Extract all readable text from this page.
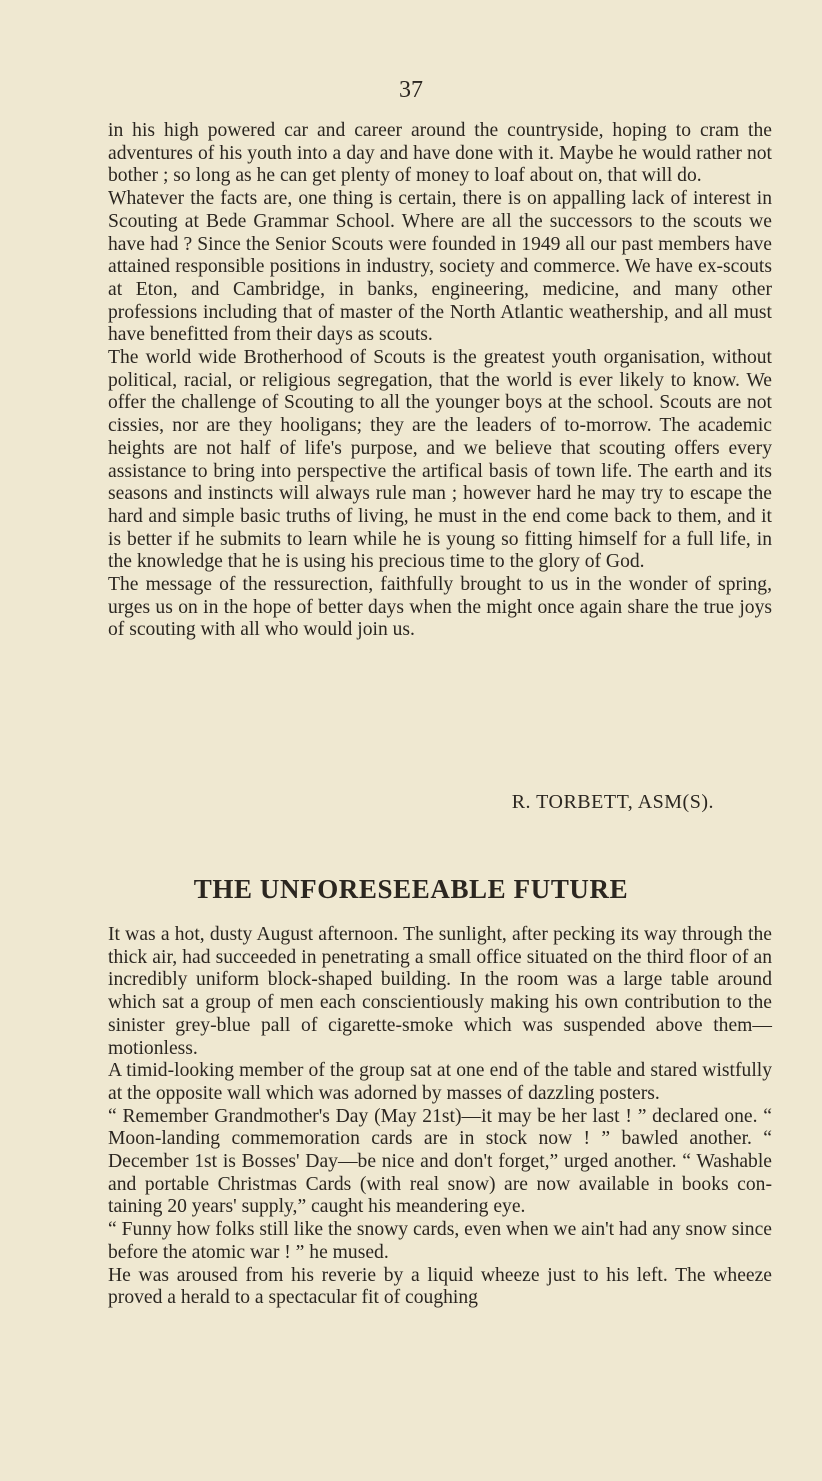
37

in his high powered car and career around the countryside, hoping to cram the adventures of his youth into a day and have done with it. Maybe he would rather not bother ; so long as he can get plenty of money to loaf about on, that will do.

Whatever the facts are, one thing is certain, there is on appalling lack of interest in Scouting at Bede Grammar School. Where are all the successors to the scouts we have had ? Since the Senior Scouts were founded in 1949 all our past members have attained responsible positions in industry, society and commerce. We have ex-scouts at Eton, and Cambridge, in banks, engineering, medicine, and many other professions including that of master of the North Atlantic weathership, and all must have benefitted from their days as scouts.

The world wide Brotherhood of Scouts is the greatest youth organisation, without political, racial, or religious segregation, that the world is ever likely to know. We offer the challenge of Scouting to all the younger boys at the school. Scouts are not cissies, nor are they hooligans; they are the leaders of to-morrow. The academic heights are not half of life's purpose, and we believe that scouting offers every assistance to bring into perspective the artifical basis of town life. The earth and its seasons and instincts will always rule man ; however hard he may try to escape the hard and simple basic truths of living, he must in the end come back to them, and it is better if he submits to learn while he is young so fitting himself for a full life, in the knowledge that he is using his precious time to the glory of God.

The message of the ressurection, faithfully brought to us in the wonder of spring, urges us on in the hope of better days when the might once again share the true joys of scouting with all who would join us.

R. TORBETT, ASM(S).
THE UNFORESEEABLE FUTURE

It was a hot, dusty August afternoon. The sunlight, after pecking its way through the thick air, had succeeded in penetrating a small office situated on the third floor of an incredibly uniform block-shaped building. In the room was a large table around which sat a group of men each conscientiously making his own contribution to the sinister grey-blue pall of cigarette-smoke which was suspended above them—motionless.

A timid-looking member of the group sat at one end of the table and stared wistfully at the opposite wall which was adorned by masses of dazzling posters.

“ Remember Grandmother's Day (May 21st)—it may be her last ! ” declared one. “ Moon-landing commemoration cards are in stock now ! ” bawled another. “ December 1st is Bosses' Day—be nice and don't forget,” urged another. “ Washable and portable Christmas Cards (with real snow) are now available in books con-taining 20 years' supply,” caught his meandering eye.

“ Funny how folks still like the snowy cards, even when we ain't had any snow since before the atomic war ! ” he mused.

He was aroused from his reverie by a liquid wheeze just to his left. The wheeze proved a herald to a spectacular fit of coughing
